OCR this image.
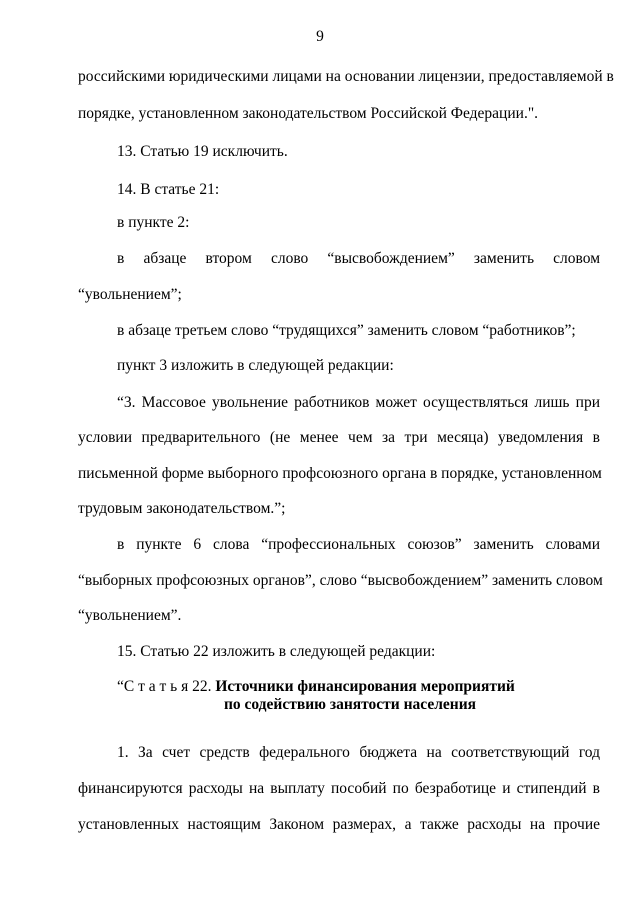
9
российскими юридическими лицами на основании лицензии, предоставляемой в
порядке, установленном законодательством Российской Федерации.".
13. Статью 19 исключить.
14. В статье 21:
в пункте 2:
в абзаце втором слово “высвобождением” заменить словом
“увольнением”;
в абзаце третьем слово “трудящихся” заменить словом “работников”;
пункт 3 изложить в следующей редакции:
“3. Массовое увольнение работников может осуществляться лишь при
условии предварительного (не менее чем за три месяца) уведомления в
письменной форме выборного профсоюзного органа в порядке, установленном
трудовым законодательством.”;
в пункте 6 слова “профессиональных союзов” заменить словами
“выборных профсоюзных органов”, слово “высвобождением” заменить словом
“увольнением”.
15. Статью 22 изложить в следующей редакции:
“С т а т ь я 22. Источники финансирования мероприятий
по содействию занятости населения
1. За счет средств федерального бюджета на соответствующий год
финансируются расходы на выплату пособий по безработице и стипендий в
установленных настоящим Законом размерах, а также расходы на прочие
